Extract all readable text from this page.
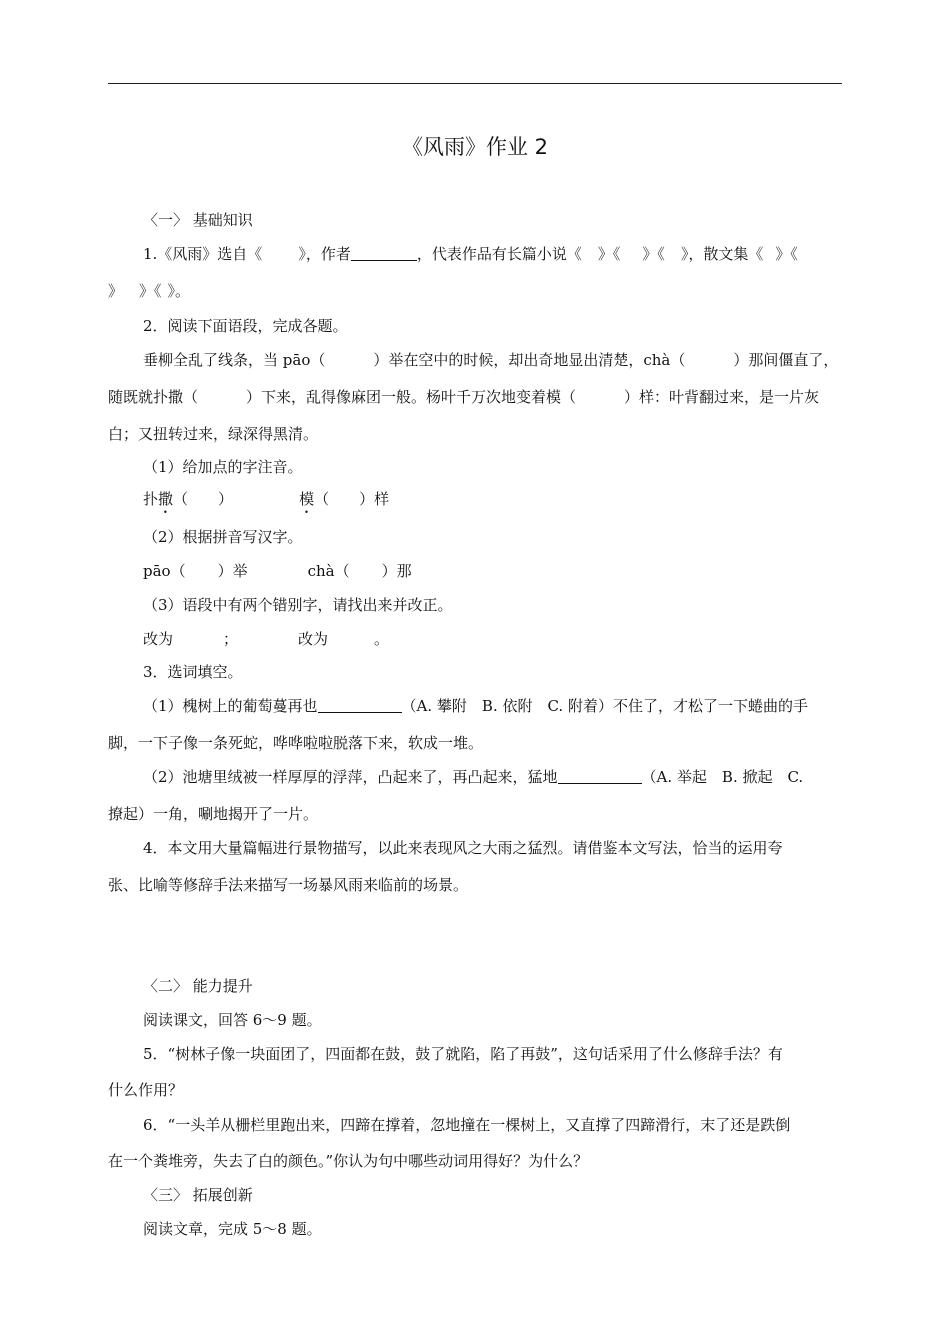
《风雨》作业 2
〈一〉 基础知识
1.《风雨》选自《 》，作者	，代表作品有长篇小说《 》《 》《 》，散文集《 》《
》 》《 》。
2．阅读下面语段，完成各题。
垂柳全乱了线条，当 pāo（	）举在空中的时候，却出奇地显出清楚，chà（	）那间僵直了，
随既就扑撒（	）下来，乱得像麻团一般。杨叶千万次地变着模（	）样：叶背翻过来，是一片灰
白；又扭转过来，绿深得黑清。
（1）给加点的字注音。
扑撒（ ）	模（ ）样
（2）根据拼音写汉字。
pāo（ ）举	chà（ ）那
（3）语段中有两个错别字，请找出来并改正。
改为	；	改为	。
3．选词填空。
（1）槐树上的葡萄蔓再也	（A. 攀附　B. 依附　C. 附着）不住了，才松了一下蜷曲的手
脚，一下子像一条死蛇，哗哗啦啦脱落下来，软成一堆。
（2）池塘里绒被一样厚厚的浮萍，凸起来了，再凸起来，猛地	（A. 举起　B. 掀起　C.
撩起）一角，唰地揭开了一片。
4．本文用大量篇幅进行景物描写，以此来表现风之大雨之猛烈。请借鉴本文写法，恰当的运用夸
张、比喻等修辞手法来描写一场暴风雨来临前的场景。
〈二〉 能力提升
阅读课文，回答 6～9 题。
5．“树林子像一块面团了，四面都在鼓，鼓了就陷，陷了再鼓”，这句话采用了什么修辞手法？有
什么作用？
6．“一头羊从栅栏里跑出来，四蹄在撑着，忽地撞在一棵树上，又直撑了四蹄滑行，末了还是跌倒
在一个粪堆旁，失去了白的颜色。”你认为句中哪些动词用得好？为什么？
〈三〉 拓展创新
阅读文章，完成 5～8 题。
